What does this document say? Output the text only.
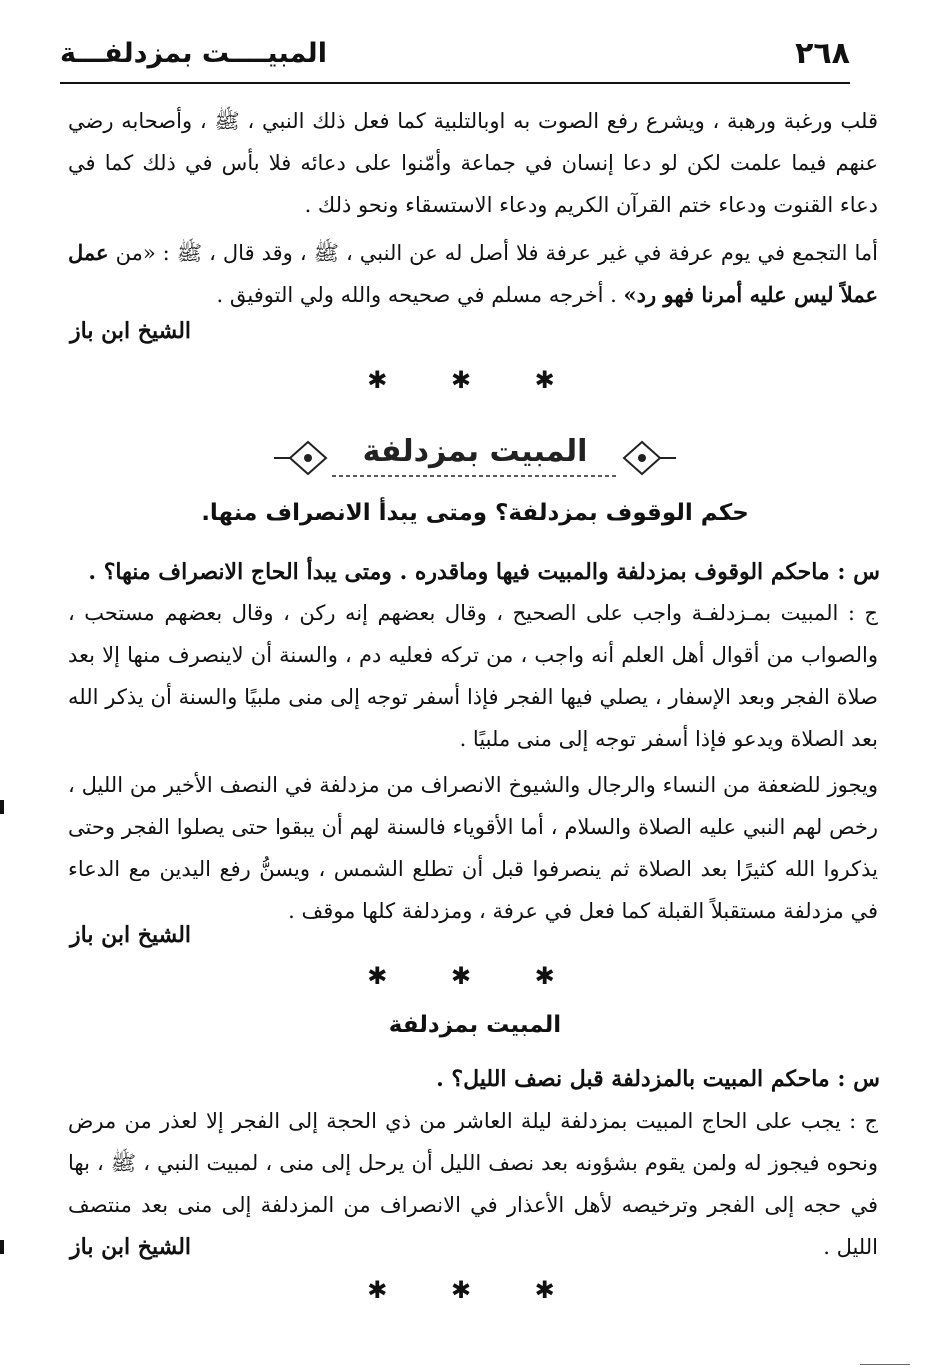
٢٦٨
المبيــــت بمزدلفـــة
قلب ورغبة ورهبة ، ويشرع رفع الصوت به اوبالتلبية كما فعل ذلك النبي ، ﷺ ، وأصحابه رضي عنهم فيما علمت لكن لو دعا إنسان في جماعة وأمّنوا على دعائه فلا بأس في ذلك كما في دعاء القنوت ودعاء ختم القرآن الكريم ودعاء الاستسقاء ونحو ذلك .
أما التجمع في يوم عرفة في غير عرفة فلا أصل له عن النبي ، ﷺ ، وقد قال ، ﷺ : «من عمل عملاً ليس عليه أمرنا فهو رد» . أخرجه مسلم في صحيحه والله ولي التوفيق .
الشيخ ابن باز
✱ ✱ ✱
المبيت بمزدلفة
حكم الوقوف بمزدلفة؟ ومتى يبدأ الانصراف منها.
س : ماحكم الوقوف بمزدلفة والمبيت فيها وماقدره . ومتى يبدأ الحاج الانصراف منها؟ .
ج : المبيت بمـزدلفـة واجب على الصحيح ، وقال بعضهم إنه ركن ، وقال بعضهم مستحب ، والصواب من أقوال أهل العلم أنه واجب ، من تركه فعليه دم ، والسنة أن لاينصرف منها إلا بعد صلاة الفجر وبعد الإسفار ، يصلي فيها الفجر فإذا أسفر توجه إلى منى ملبيًا والسنة أن يذكر الله بعد الصلاة ويدعو فإذا أسفر توجه إلى منى ملبيًا .
ويجوز للضعفة من النساء والرجال والشيوخ الانصراف من مزدلفة في النصف الأخير من الليل ، رخص لهم النبي عليه الصلاة والسلام ، أما الأقوياء فالسنة لهم أن يبقوا حتى يصلوا الفجر وحتى يذكروا الله كثيرًا بعد الصلاة ثم ينصرفوا قبل أن تطلع الشمس ، ويسنُّ رفع اليدين مع الدعاء في مزدلفة مستقبلاً القبلة كما فعل في عرفة ، ومزدلفة كلها موقف .
الشيخ ابن باز
✱ ✱ ✱
المبيت بمزدلفة
س : ماحكم المبيت بالمزدلفة قبل نصف الليل؟ .
ج : يجب على الحاج المبيت بمزدلفة ليلة العاشر من ذي الحجة إلى الفجر إلا لعذر من مرض ونحوه فيجوز له ولمن يقوم بشؤونه بعد نصف الليل أن يرحل إلى منى ، لمبيت النبي ، ﷺ ، بها في حجه إلى الفجر وترخيصه لأهل الأعذار في الانصراف من المزدلفة إلى منى بعد منتصف الليل .
الشيخ ابن باز
✱ ✱ ✱
